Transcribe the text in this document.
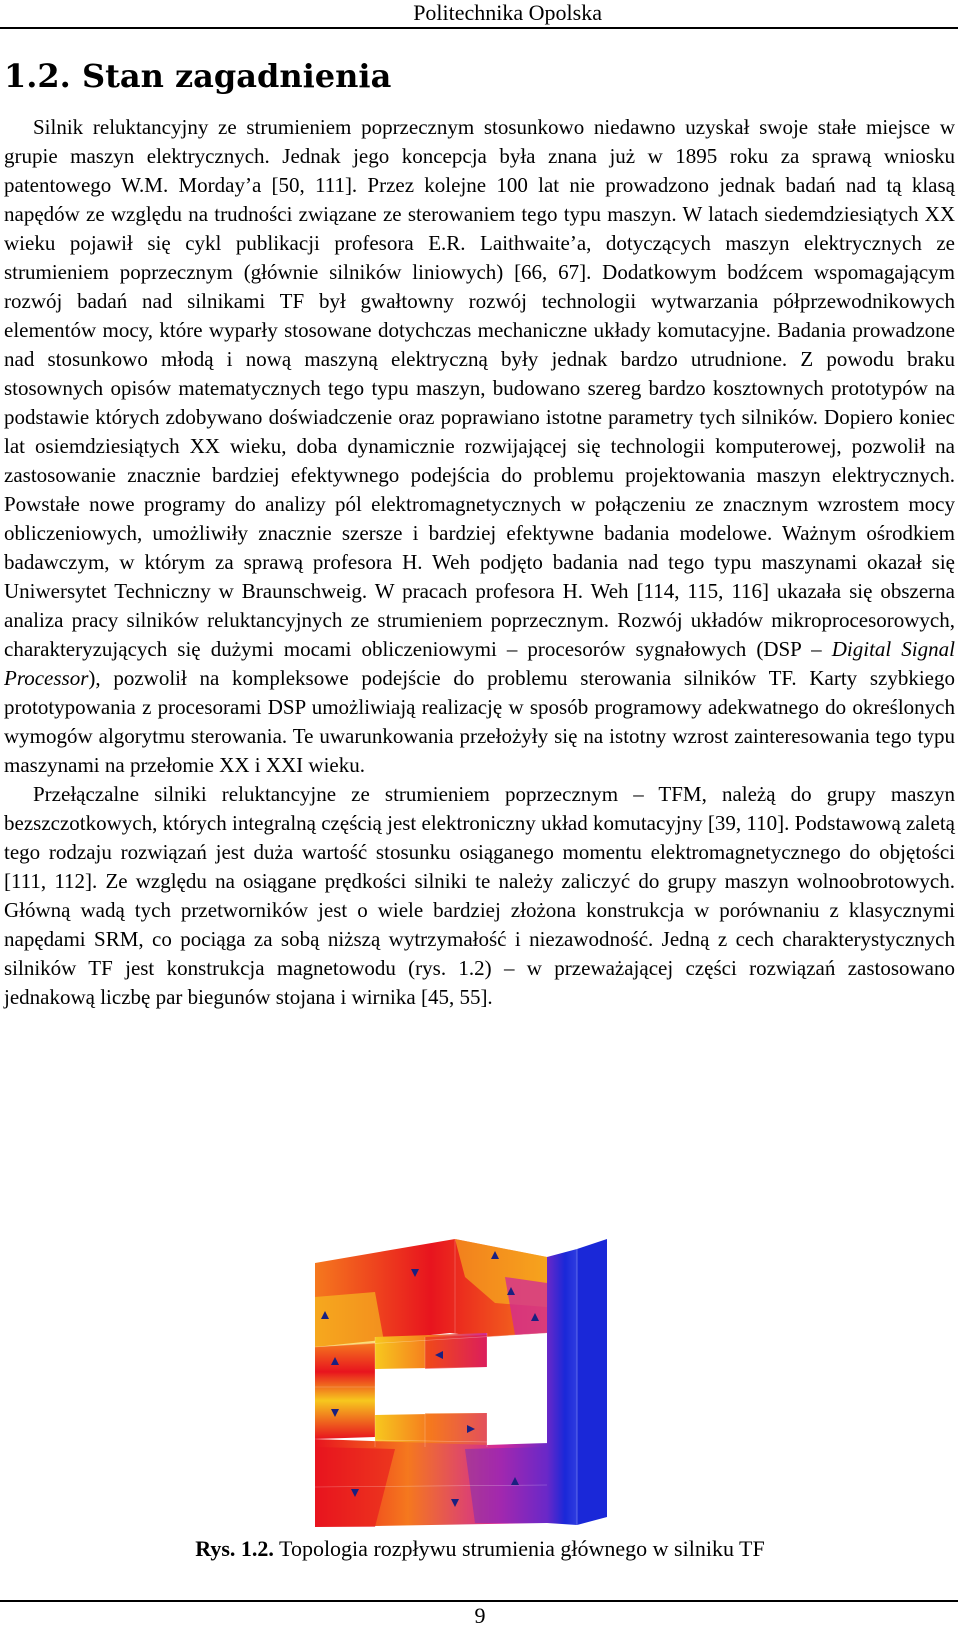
Politechnika Opolska
1.2. Stan zagadnienia

Silnik reluktancyjny ze strumieniem poprzecznym stosunkowo niedawno uzyskał swoje stałe miejsce w grupie maszyn elektrycznych. Jednak jego koncepcja była znana już w 1895 roku za sprawą wniosku patentowego W.M. Morday’a [50, 111]. Przez kolejne 100 lat nie prowadzono jednak badań nad tą klasą napędów ze względu na trudności związane ze sterowaniem tego typu maszyn. W latach siedemdziesiątych XX wieku pojawił się cykl publikacji profesora E.R. Laithwaite’a, dotyczących maszyn elektrycznych ze strumieniem poprzecznym (głównie silników liniowych) [66, 67]. Dodatkowym bodźcem wspomagającym rozwój badań nad silnikami TF był gwałtowny rozwój technologii wytwarzania półprzewodnikowych elementów mocy, które wyparły stosowane dotychczas mechaniczne układy komutacyjne. Badania prowadzone nad stosunkowo młodą i nową maszyną elektryczną były jednak bardzo utrudnione. Z powodu braku stosownych opisów matematycznych tego typu maszyn, budowano szereg bardzo kosztownych prototypów na podstawie których zdobywano doświadczenie oraz poprawiano istotne parametry tych silników. Dopiero koniec lat osiemdziesiątych XX wieku, doba dynamicznie rozwijającej się technologii komputerowej, pozwolił na zastosowanie znacznie bardziej efektywnego podejścia do problemu projektowania maszyn elektrycznych. Powstałe nowe programy do analizy pól elektromagnetycznych w połączeniu ze znacznym wzrostem mocy obliczeniowych, umożliwiły znacznie szersze i bardziej efektywne badania modelowe. Ważnym ośrodkiem badawczym, w którym za sprawą profesora H. Weh podjęto badania nad tego typu maszynami okazał się Uniwersytet Techniczny w Braunschweig. W pracach profesora H. Weh [114, 115, 116] ukazała się obszerna analiza pracy silników reluktancyjnych ze strumieniem poprzecznym. Rozwój układów mikroprocesorowych, charakteryzujących się dużymi mocami obliczeniowymi – procesorów sygnałowych (DSP – Digital Signal Processor), pozwolił na kompleksowe podejście do problemu sterowania silników TF. Karty szybkiego prototypowania z procesorami DSP umożliwiają realizację w sposób programowy adekwatnego do określonych wymogów algorytmu sterowania. Te uwarunkowania przełożyły się na istotny wzrost zainteresowania tego typu maszynami na przełomie XX i XXI wieku.

Przełączalne silniki reluktancyjne ze strumieniem poprzecznym – TFM, należą do grupy maszyn bezszczotkowych, których integralną częścią jest elektroniczny układ komutacyjny [39, 110]. Podstawową zaletą tego rodzaju rozwiązań jest duża wartość stosunku osiąganego momentu elektromagnetycznego do objętości [111, 112]. Ze względu na osiągane prędkości silniki te należy zaliczyć do grupy maszyn wolnoobrotowych. Główną wadą tych przetworników jest o wiele bardziej złożona konstrukcja w porównaniu z klasycznymi napędami SRM, co pociąga za sobą niższą wytrzymałość i niezawodność. Jedną z cech charakterystycznych silników TF jest konstrukcja magnetowodu (rys. 1.2) – w przeważającej części rozwiązań zastosowano jednakową liczbę par biegunów stojana i wirnika [45, 55].

Rys. 1.2. Topologia rozpływu strumienia głównego w silniku TF
9
